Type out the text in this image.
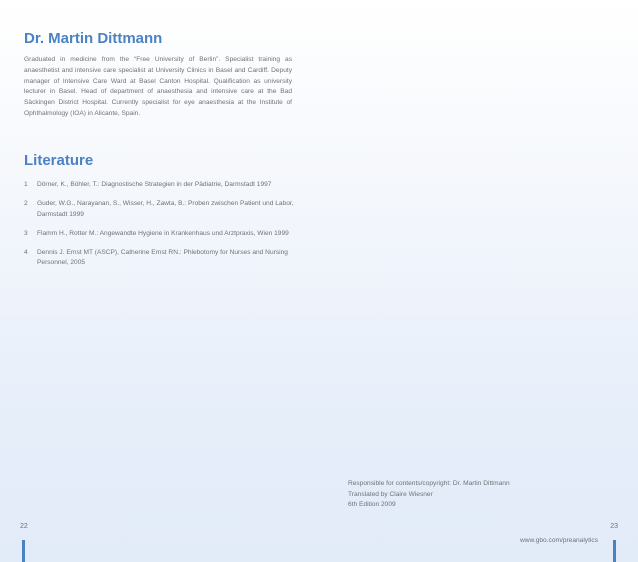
Dr. Martin Dittmann

Graduated in medicine from the “Free University of Berlin”. Specialist training as anaesthetist and intensive care specialist at University Clinics in Basel and Cardiff. Deputy manager of Intensive Care Ward at Basel Canton Hospital. Qualification as university lecturer in Basel. Head of department of anaesthesia and intensive care at the Bad Säckingen District Hospital. Currently specialist for eye anaesthesia at the Institute of Ophthalmology (IOA) in Alicante, Spain.

Literature
1 Dörner, K., Böhler, T.: Diagnostische Strategien in der Pädiatrie, Darmstadt 1997
2 Guder, W.G., Narayanan, S., Wisser, H., Zawta, B.: Proben zwischen Patient und Labor, Darmstadt 1999
3 Flamm H., Rotter M.: Angewandte Hygiene in Krankenhaus und Arztpraxis, Wien 1999
4 Dennis J. Ernst MT (ASCP), Catherine Ernst RN.: Phlebotomy for Nurses and Nursing Personnel, 2005
Responsible for contents/copyright: Dr. Martin Dittmann
Translated by Claire Wiesner
6th Edition 2009
22	23
www.gbo.com/preanalytics
